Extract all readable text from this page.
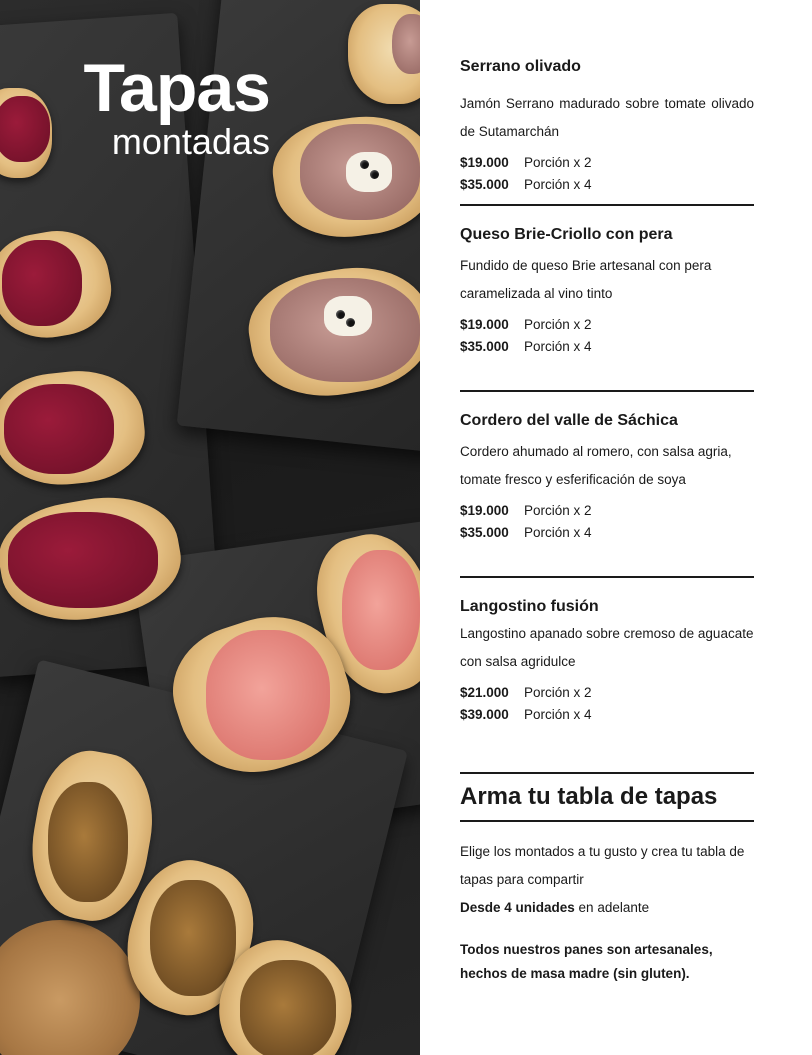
Tapas
montadas
Serrano olivado
Jamón Serrano madurado sobre tomate olivado de Sutamarchán
$19.000 Porción x 2
$35.000 Porción x 4
Queso Brie-Criollo con pera
Fundido de queso Brie artesanal con pera caramelizada al vino tinto
$19.000 Porción x 2
$35.000 Porción x 4
Cordero del valle de Sáchica
Cordero ahumado al romero, con salsa agria, tomate fresco y esferificación de soya
$19.000 Porción x 2
$35.000 Porción x 4
Langostino fusión
Langostino apanado sobre cremoso de aguacate con salsa agridulce
$21.000 Porción x 2
$39.000 Porción x 4
Arma tu tabla de tapas
Elige los montados a tu gusto y crea tu tabla de tapas para compartir
Desde 4 unidades en adelante
Todos nuestros panes son artesanales, hechos de masa madre (sin gluten).
